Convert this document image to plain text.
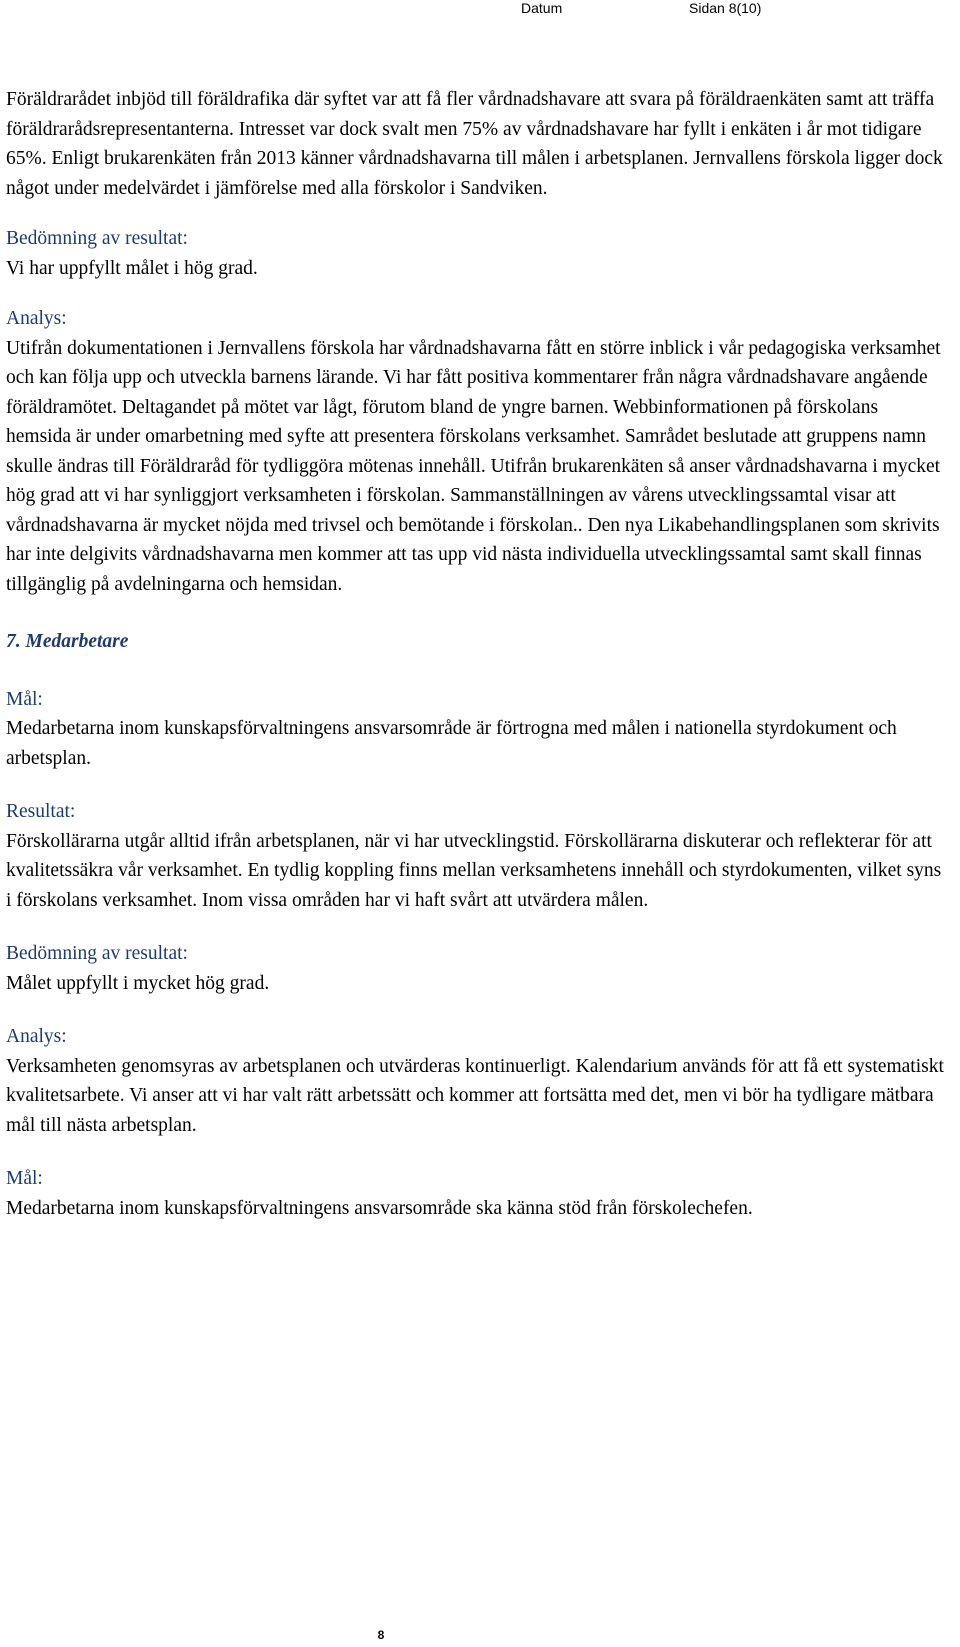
Datum	Sidan 8(10)

Föräldrarådet inbjöd till föräldrafika där syftet var att få fler vårdnadshavare att svara på föräldraenkäten samt att träffa föräldrarådsrepresentanterna. Intresset var dock svalt men 75% av vårdnadshavare har fyllt i enkäten i år mot tidigare 65%. Enligt brukarenkäten från 2013 känner vårdnadshavarna till målen i arbetsplanen. Jernvallens förskola ligger dock något under medelvärdet i jämförelse med alla förskolor i Sandviken.

Bedömning av resultat:

Vi har uppfyllt målet i hög grad.

Analys:

Utifrån dokumentationen i Jernvallens förskola har vårdnadshavarna fått en större inblick i vår pedagogiska verksamhet och kan följa upp och utveckla barnens lärande. Vi har fått positiva kommentarer från några vårdnadshavare angående föräldramötet. Deltagandet på mötet var lågt, förutom bland de yngre barnen. Webbinformationen på förskolans hemsida är under omarbetning med syfte att presentera förskolans verksamhet. Samrådet beslutade att gruppens namn skulle ändras till Föräldraråd för tydliggöra mötenas innehåll. Utifrån brukarenkäten så anser vårdnadshavarna i mycket hög grad att vi har synliggjort verksamheten i förskolan. Sammanställningen av vårens utvecklingssamtal visar att vårdnadshavarna är mycket nöjda med trivsel och bemötande i förskolan.. Den nya Likabehandlingsplanen som skrivits har inte delgivits vårdnadshavarna men kommer att tas upp vid nästa individuella utvecklingssamtal samt skall finnas tillgänglig på avdelningarna och hemsidan.

7. Medarbetare

Mål:

Medarbetarna inom kunskapsförvaltningens ansvarsområde är förtrogna med målen i nationella styrdokument och arbetsplan.

Resultat:

Förskollärarna utgår alltid ifrån arbetsplanen, när vi har utvecklingstid. Förskollärarna diskuterar och reflekterar för att kvalitetssäkra vår verksamhet. En tydlig koppling finns mellan verksamhetens innehåll och styrdokumenten, vilket syns i förskolans verksamhet. Inom vissa områden har vi haft svårt att utvärdera målen.

Bedömning av resultat:

Målet uppfyllt i mycket hög grad.

Analys:

Verksamheten genomsyras av arbetsplanen och utvärderas kontinuerligt. Kalendarium används för att få ett systematiskt kvalitetsarbete. Vi anser att vi har valt rätt arbetssätt och kommer att fortsätta med det, men vi bör ha tydligare mätbara mål till nästa arbetsplan.

Mål:

Medarbetarna inom kunskapsförvaltningens ansvarsområde ska känna stöd från förskolechefen.

8
